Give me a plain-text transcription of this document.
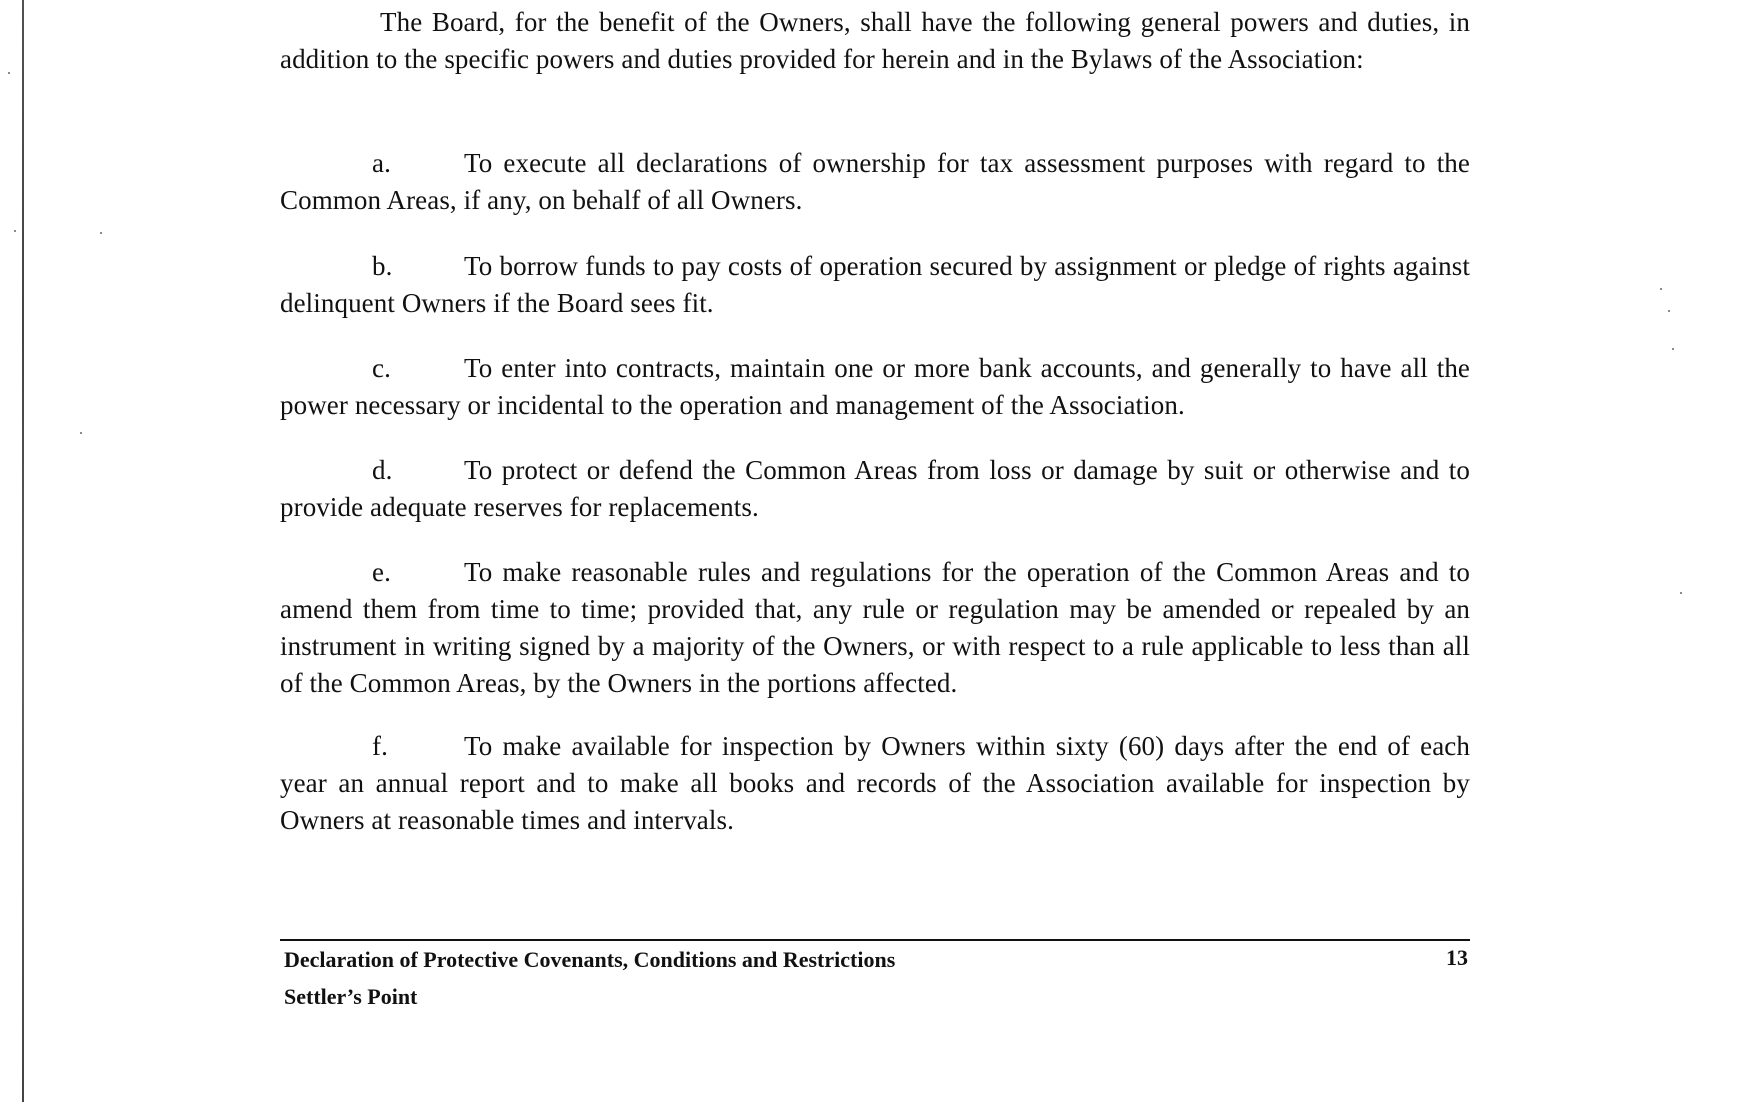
The Board, for the benefit of the Owners, shall have the following general powers and duties, in addition to the specific powers and duties provided for herein and in the Bylaws of the Association:

a.	To execute all declarations of ownership for tax assessment purposes with regard to the Common Areas, if any, on behalf of all Owners.

b.	To borrow funds to pay costs of operation secured by assignment or pledge of rights against delinquent Owners if the Board sees fit.

c.	To enter into contracts, maintain one or more bank accounts, and generally to have all the power necessary or incidental to the operation and management of the Association.

d.	To protect or defend the Common Areas from loss or damage by suit or otherwise and to provide adequate reserves for replacements.

e.	To make reasonable rules and regulations for the operation of the Common Areas and to amend them from time to time; provided that, any rule or regulation may be amended or repealed by an instrument in writing signed by a majority of the Owners, or with respect to a rule applicable to less than all of the Common Areas, by the Owners in the portions affected.

f.	To make available for inspection by Owners within sixty (60) days after the end of each year an annual report and to make all books and records of the Association available for inspection by Owners at reasonable times and intervals.

Declaration of Protective Covenants, Conditions and Restrictions
Settler’s Point
13
